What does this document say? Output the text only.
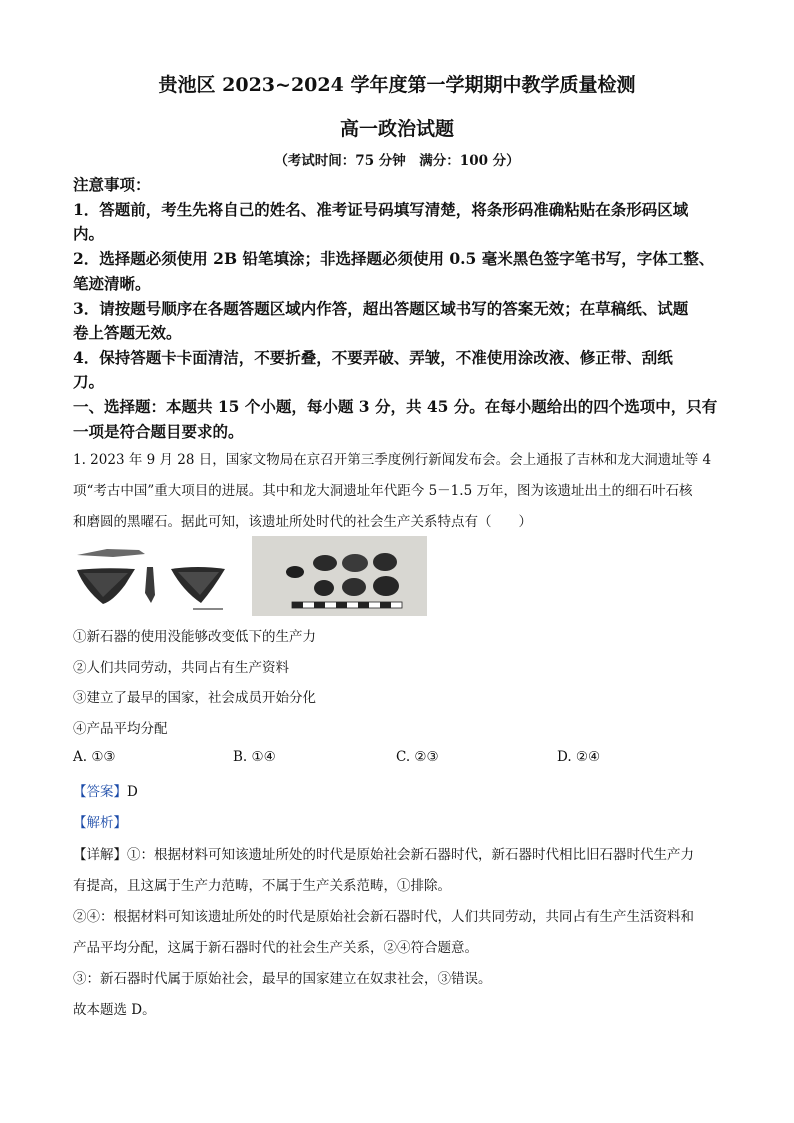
贵池区 2023~2024 学年度第一学期期中教学质量检测
高一政治试题
（考试时间：75 分钟　满分：100 分）
注意事项：
1．答题前，考生先将自己的姓名、准考证号码填写清楚，将条形码准确粘贴在条形码区域
内。
2．选择题必须使用 2B 铅笔填涂；非选择题必须使用 0.5 毫米黑色签字笔书写，字体工整、
笔迹清晰。
3．请按题号顺序在各题答题区域内作答，超出答题区域书写的答案无效；在草稿纸、试题
卷上答题无效。
4．保持答题卡卡面清洁，不要折叠，不要弄破、弄皱，不准使用涂改液、修正带、刮纸
刀。
一、选择题：本题共 15 个小题，每小题 3 分，共 45 分。在每小题给出的四个选项中，只有
一项是符合题目要求的。
1. 2023 年 9 月 28 日，国家文物局在京召开第三季度例行新闻发布会。会上通报了吉林和龙大洞遗址等 4
项“考古中国”重大项目的进展。其中和龙大洞遗址年代距今 5－1.5 万年，图为该遗址出土的细石叶石核
和磨圆的黑曜石。据此可知，该遗址所处时代的社会生产关系特点有（　　）
①新石器的使用没能够改变低下的生产力
②人们共同劳动，共同占有生产资料
③建立了最早的国家，社会成员开始分化
④产品平均分配
A. ①③	B. ①④	C. ②③	D. ②④
【答案】D
【解析】
【详解】①：根据材料可知该遗址所处的时代是原始社会新石器时代，新石器时代相比旧石器时代生产力
有提高，且这属于生产力范畴，不属于生产关系范畴，①排除。
②④：根据材料可知该遗址所处的时代是原始社会新石器时代，人们共同劳动，共同占有生产生活资料和
产品平均分配，这属于新石器时代的社会生产关系，②④符合题意。
③：新石器时代属于原始社会，最早的国家建立在奴隶社会，③错误。
故本题选 D。
